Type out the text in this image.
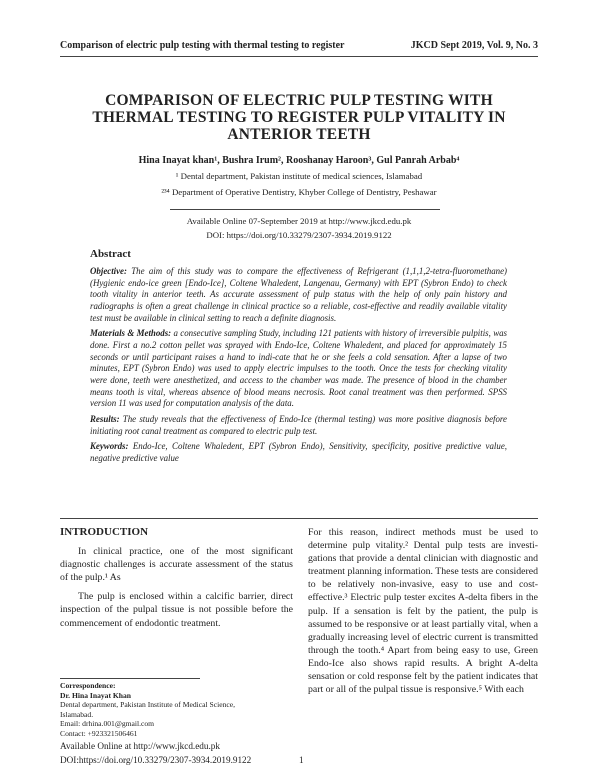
Comparison of electric pulp testing with thermal testing to register	JKCD Sept 2019, Vol. 9, No. 3
COMPARISON OF ELECTRIC PULP TESTING WITH
THERMAL TESTING TO REGISTER PULP VITALITY IN
ANTERIOR TEETH
Hina Inayat khan¹, Bushra Irum², Rooshanay Haroon³, Gul Panrah Arbab⁴
¹ Dental department, Pakistan institute of medical sciences, Islamabad
²³⁴ Department of Operative Dentistry, Khyber College of Dentistry, Peshawar
Available Online 07-September 2019 at http://www.jkcd.edu.pk
DOI: https://doi.org/10.33279/2307-3934.2019.9122
Abstract

Objective: The aim of this study was to compare the effectiveness of Refrigerant (1,1,1,2-tetra-fluoromethane) (Hygienic endo-ice green [Endo-Ice], Coltene Whaledent, Langenau, Germany) with EPT (Sybron Endo) to check tooth vitality in anterior teeth. As accurate assessment of pulp status with the help of only pain history and radiographs is often a great challenge in clinical practice so a reliable, cost-effective and readily available vitality test must be available in clinical setting to reach a definite diagnosis.

Materials & Methods: a consecutive sampling Study, including 121 patients with history of irreversible pulpitis, was done. First a no.2 cotton pellet was sprayed with Endo-Ice, Coltene Whaledent, and placed for approximately 15 seconds or until participant raises a hand to indi-cate that he or she feels a cold sensation. After a lapse of two minutes, EPT (Sybron Endo) was used to apply electric impulses to the tooth. Once the tests for checking vitality were done, teeth were anesthetized, and access to the chamber was made. The presence of blood in the chamber means tooth is vital, whereas absence of blood means necrosis. Root canal treatment was then performed. SPSS version 11 was used for computation analysis of the data.

Results: The study reveals that the effectiveness of Endo-Ice (thermal testing) was more positive diagnosis before initiating root canal treatment as compared to electric pulp test.

Keywords: Endo-Ice, Coltene Whaledent, EPT (Sybron Endo), Sensitivity, specificity, positive predictive value, negative predictive value

INTRODUCTION

In clinical practice, one of the most significant diagnostic challenges is accurate assessment of the status of the pulp.¹ As

The pulp is enclosed within a calcific barrier, direct inspection of the pulpal tissue is not possible before the commencement of endodontic treatment.

For this reason, indirect methods must be used to determine pulp vitality.² Dental pulp tests are investi-gations that provide a dental clinician with diagnostic and treatment planning information. These tests are considered to be relatively non-invasive, easy to use and cost-effective.³ Electric pulp tester excites A-delta fibers in the pulp. If a sensation is felt by the patient, the pulp is assumed to be responsive or at least partially vital, when a gradually increasing level of electric current is transmitted through the tooth.⁴ Apart from being easy to use, Green Endo-Ice also shows rapid results. A bright A-delta sensation or cold response felt by the patient indicates that part or all of the pulpal tissue is responsive.⁵ With each

Correspondence:
Dr. Hina Inayat Khan
Dental department, Pakistan Institute of Medical Science, Islamabad.
Email: drhina.001@gmail.com
Contact: +923321506461
Available Online at http://www.jkcd.edu.pk
DOI:https://doi.org/10.33279/2307-3934.2019.9122	1
